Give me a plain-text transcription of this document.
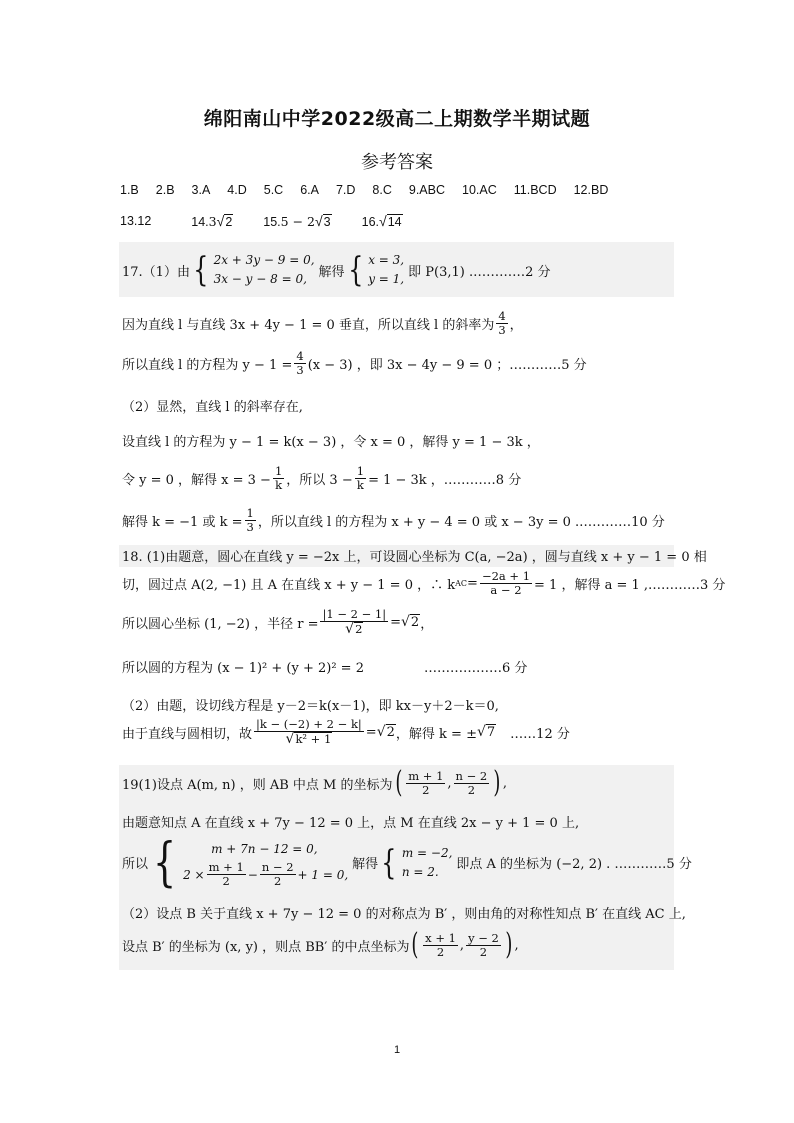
绵阳南山中学2022级高二上期数学半期试题
参考答案
1.B 2.B 3.A 4.D 5.C 6.A 7.D 8.C 9.ABC 10.AC 11.BCD 12.BD
13.12	14.3 √ 2 15.5 − 2 √ 3 16. √ 14
17.（1）由 { 2x + 3y − 9 = 0,
3x − y − 8 = 0, 解得 { x = 3,
y = 1, 即 P(3,1) .…………2 分
因为直线 l 与直线 3x + 4y − 1 = 0 垂直，所以直线 l 的斜率为 $\frac{4}{3}$ ，
所以直线 l 的方程为 $y - 1 = \frac{4}{3} (x - 3)$ ，即 3x − 4y − 9 = 0 ；…………5 分
（2）显然，直线 l 的斜率存在,
设直线 l 的方程为 y − 1 = k(x − 3) ，令 x = 0 ，解得 y = 1 − 3k ，
令 y = 0 ，解得 $x = 3 - \frac{1}{k}$ ，所以 $3 - \frac{1}{k} = 1 - 3k$ ，…………8 分
解得 k = −1 或 $k = \frac{1}{3}$ ，所以直线 l 的方程为 x + y − 4 = 0 或 x − 3y = 0 .…………10 分
18. (1)由题意，圆心在直线 y = −2x 上，可设圆心坐标为 C(a, −2a) ，圆与直线 x + y − 1 = 0 相
切，圆过点 A(2, −1) 且 A 在直线 x + y − 1 = 0 ，∴ k AC = $\frac{-2a + 1}{a - 2} = 1$ ，解得 a = 1 ,…………3 分
所以圆心坐标 (1, −2) ，半径 $r = \frac{|1 - 2 - 1|}{√ 2}$ = √ 2 ，
所以圆的方程为 (x − 1)² + (y + 2)² = 2	………………6 分
（2）由题，设切线方程是 y－2＝k(x－1)，即 kx－y＋2－k＝0,
由于直线与圆相切，故 $\frac{|k - (-2) + 2 - k|}{\text{√ k² + 1}}$ = √ 2 ，解得 k = ± √ 7 ……12 分
19(1)设点 A(m, n) ，则 AB 中点 M 的坐标为 ( $\frac{m + 1}{2}$ , $\frac{n - 2}{2}$ ) ,
由题意知点 A 在直线 x + 7y − 12 = 0 上，点 M 在直线 2x − y + 1 = 0 上,
所以 {	m + 7n − 12 = 0,
$2 \times \frac{m + 1}{2} - \frac{n - 2}{2} + 1 = 0$,
解得 { m = −2,
n = 2.	即点 A 的坐标为 (−2, 2) . …………5 分
（2）设点 B 关于直线 x + 7y − 12 = 0 的对称点为 B′ ，则由角的对称性知点 B′ 在直线 AC 上,
设点 B′ 的坐标为 (x, y) ，则点 BB′ 的中点坐标为 ( $\frac{x + 1}{2}$ , $\frac{y - 2}{2}$ ) ,
1
